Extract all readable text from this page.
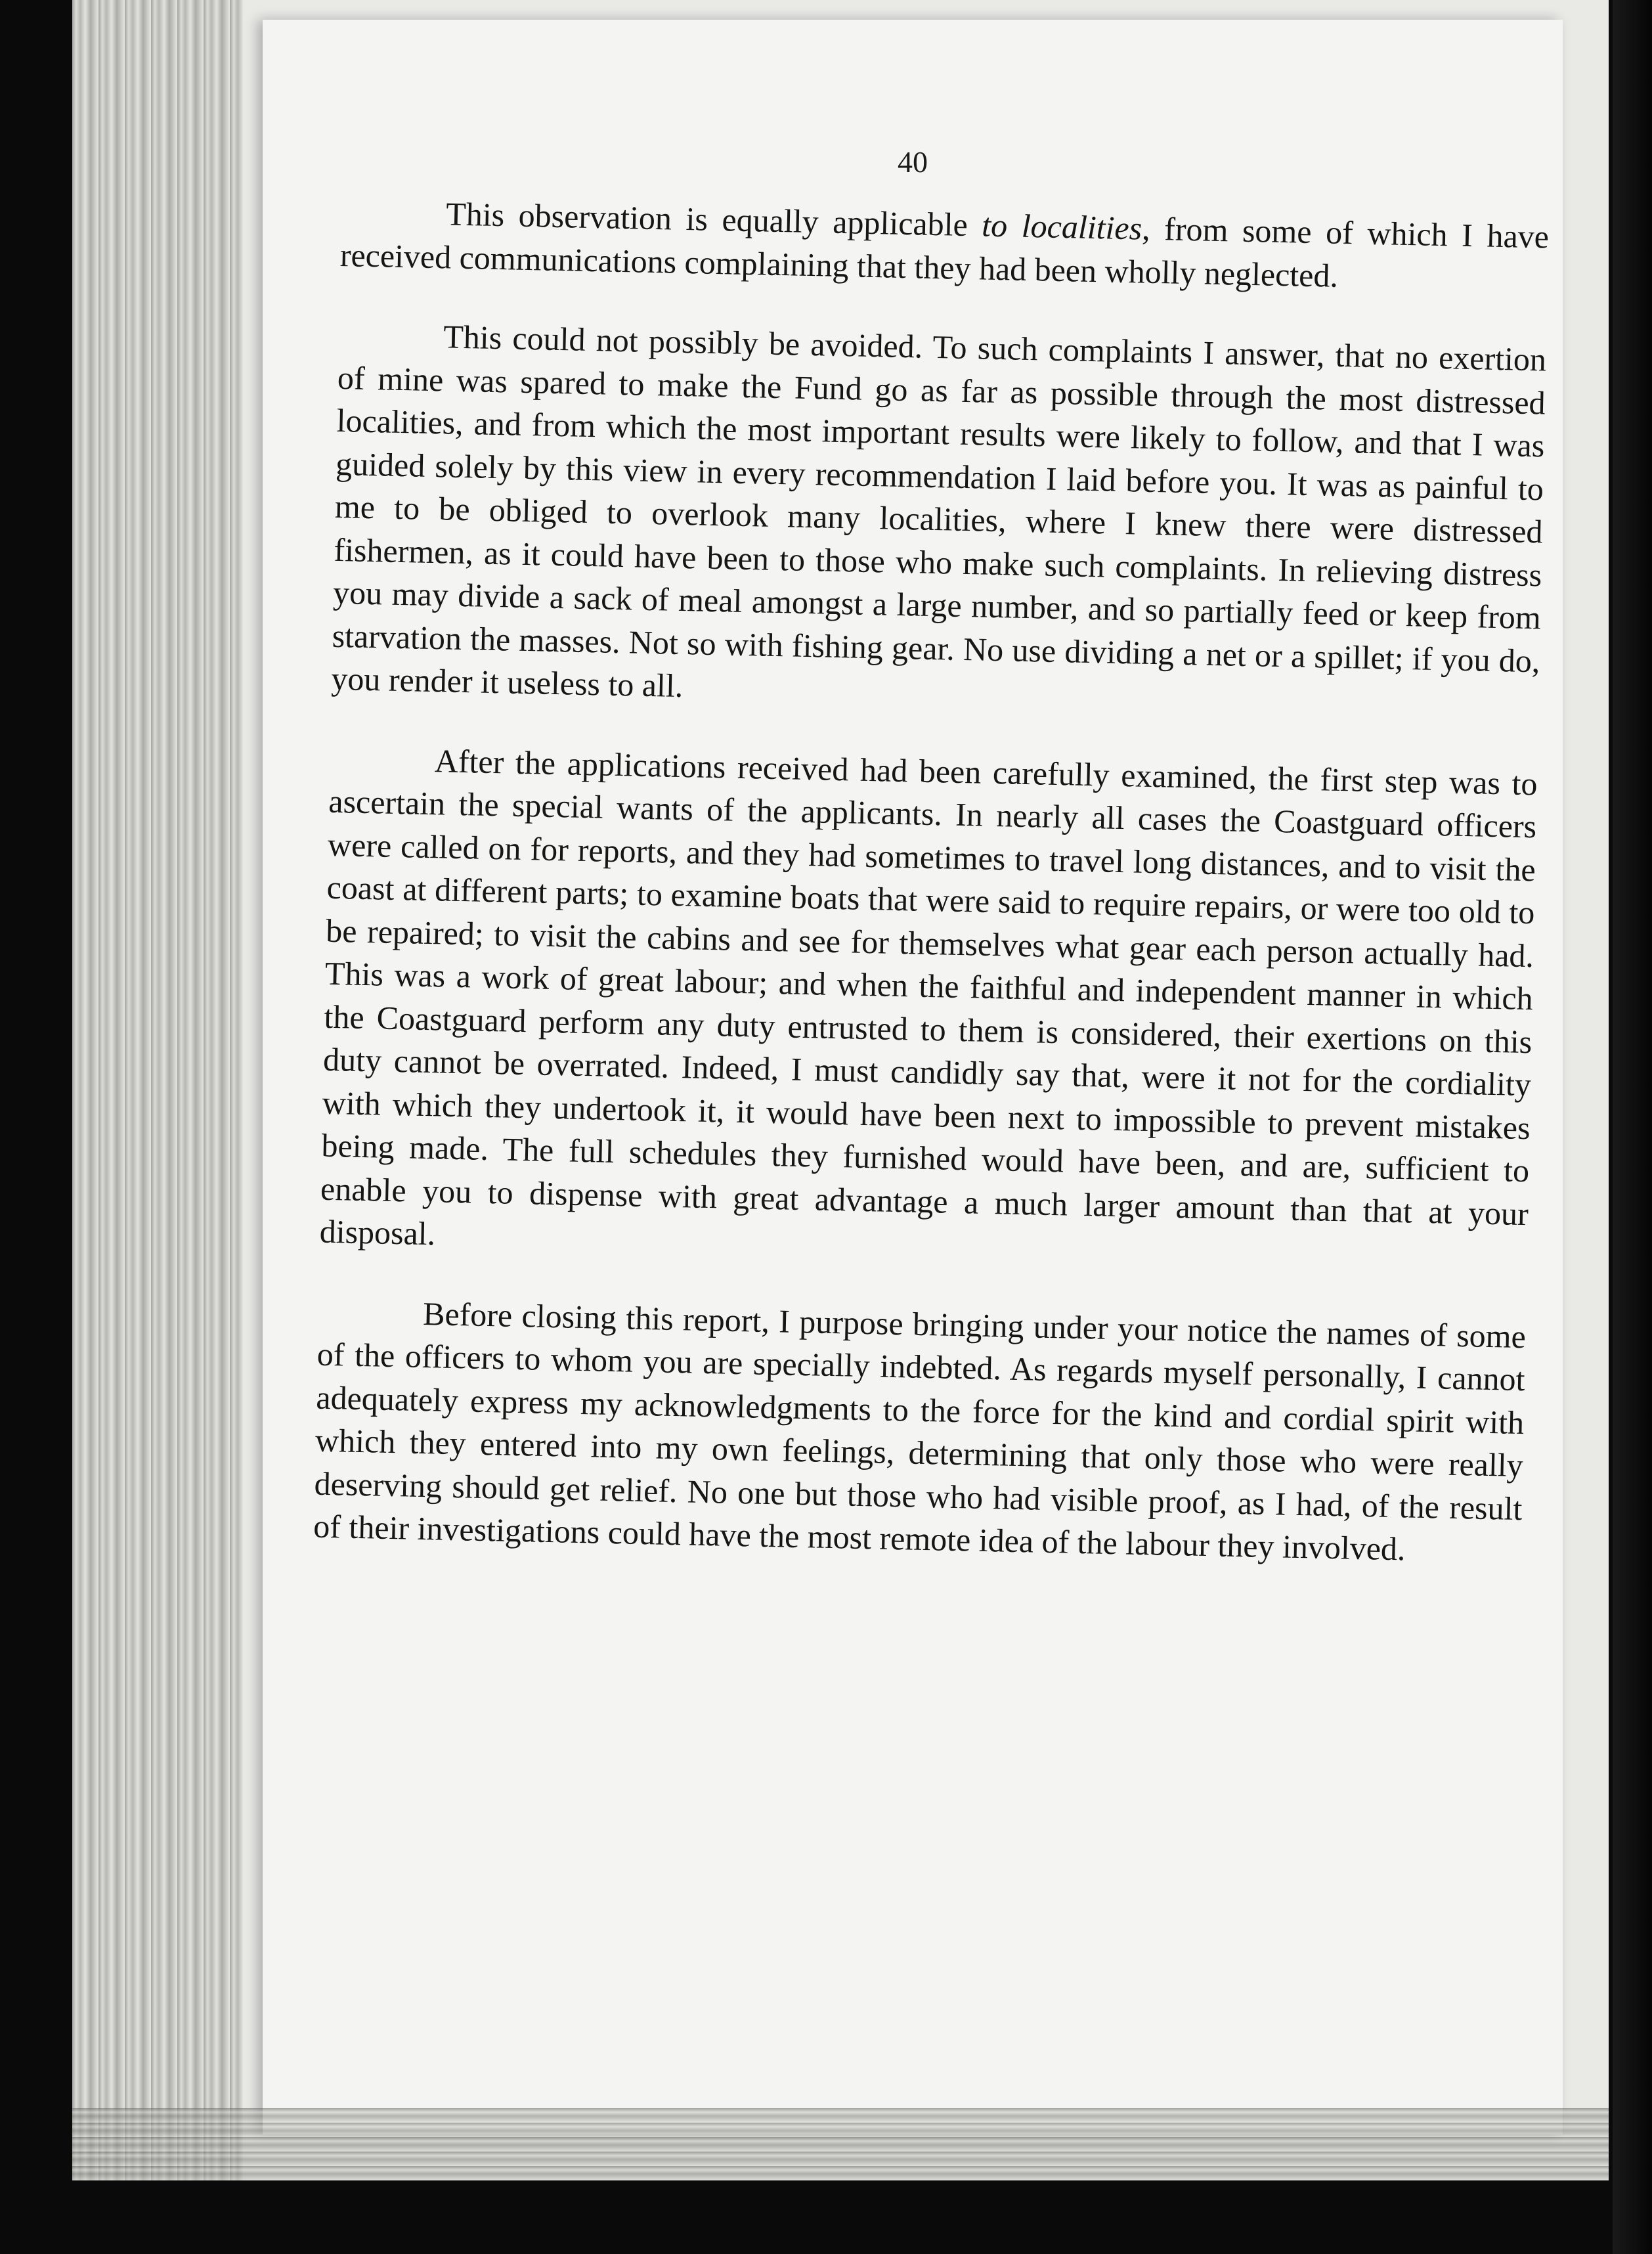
40

This observation is equally applicable to localities, from some of which I have received communications complaining that they had been wholly neglected.

This could not possibly be avoided. To such complaints I answer, that no exertion of mine was spared to make the Fund go as far as possible through the most distressed localities, and from which the most important results were likely to follow, and that I was guided solely by this view in every recommendation I laid before you. It was as painful to me to be obliged to overlook many localities, where I knew there were distressed fishermen, as it could have been to those who make such complaints. In relieving distress you may divide a sack of meal amongst a large number, and so partially feed or keep from starvation the masses. Not so with fishing gear. No use dividing a net or a spillet; if you do, you render it useless to all.

After the applications received had been carefully examined, the first step was to ascertain the special wants of the applicants. In nearly all cases the Coastguard officers were called on for reports, and they had sometimes to travel long distances, and to visit the coast at different parts; to examine boats that were said to require repairs, or were too old to be repaired; to visit the cabins and see for themselves what gear each person actually had. This was a work of great labour; and when the faithful and independent manner in which the Coastguard perform any duty entrusted to them is considered, their exertions on this duty cannot be overrated. Indeed, I must candidly say that, were it not for the cordiality with which they undertook it, it would have been next to impossible to prevent mistakes being made. The full schedules they furnished would have been, and are, sufficient to enable you to dispense with great advantage a much larger amount than that at your disposal.

Before closing this report, I purpose bringing under your notice the names of some of the officers to whom you are specially indebted. As regards myself personally, I cannot adequately express my acknowledgments to the force for the kind and cordial spirit with which they entered into my own feelings, determining that only those who were really deserving should get relief. No one but those who had visible proof, as I had, of the result of their investigations could have the most remote idea of the labour they involved.
